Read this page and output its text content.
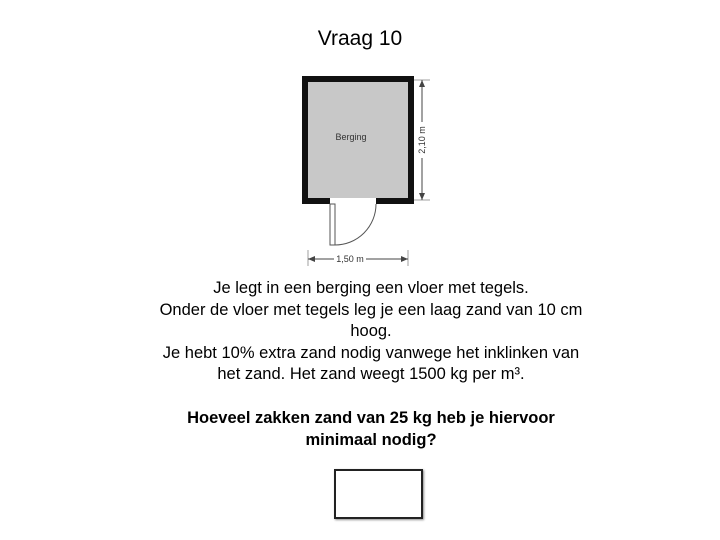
Vraag 10
Berging	2,10 m
1,50 m
Je legt in een berging een vloer met tegels.
Onder de vloer met tegels leg je een laag zand van 10 cm
hoog.
Je hebt 10% extra zand nodig vanwege het inklinken van
het zand. Het zand weegt 1500 kg per m³.
Hoeveel zakken zand van 25 kg heb je hiervoor
minimaal nodig?
